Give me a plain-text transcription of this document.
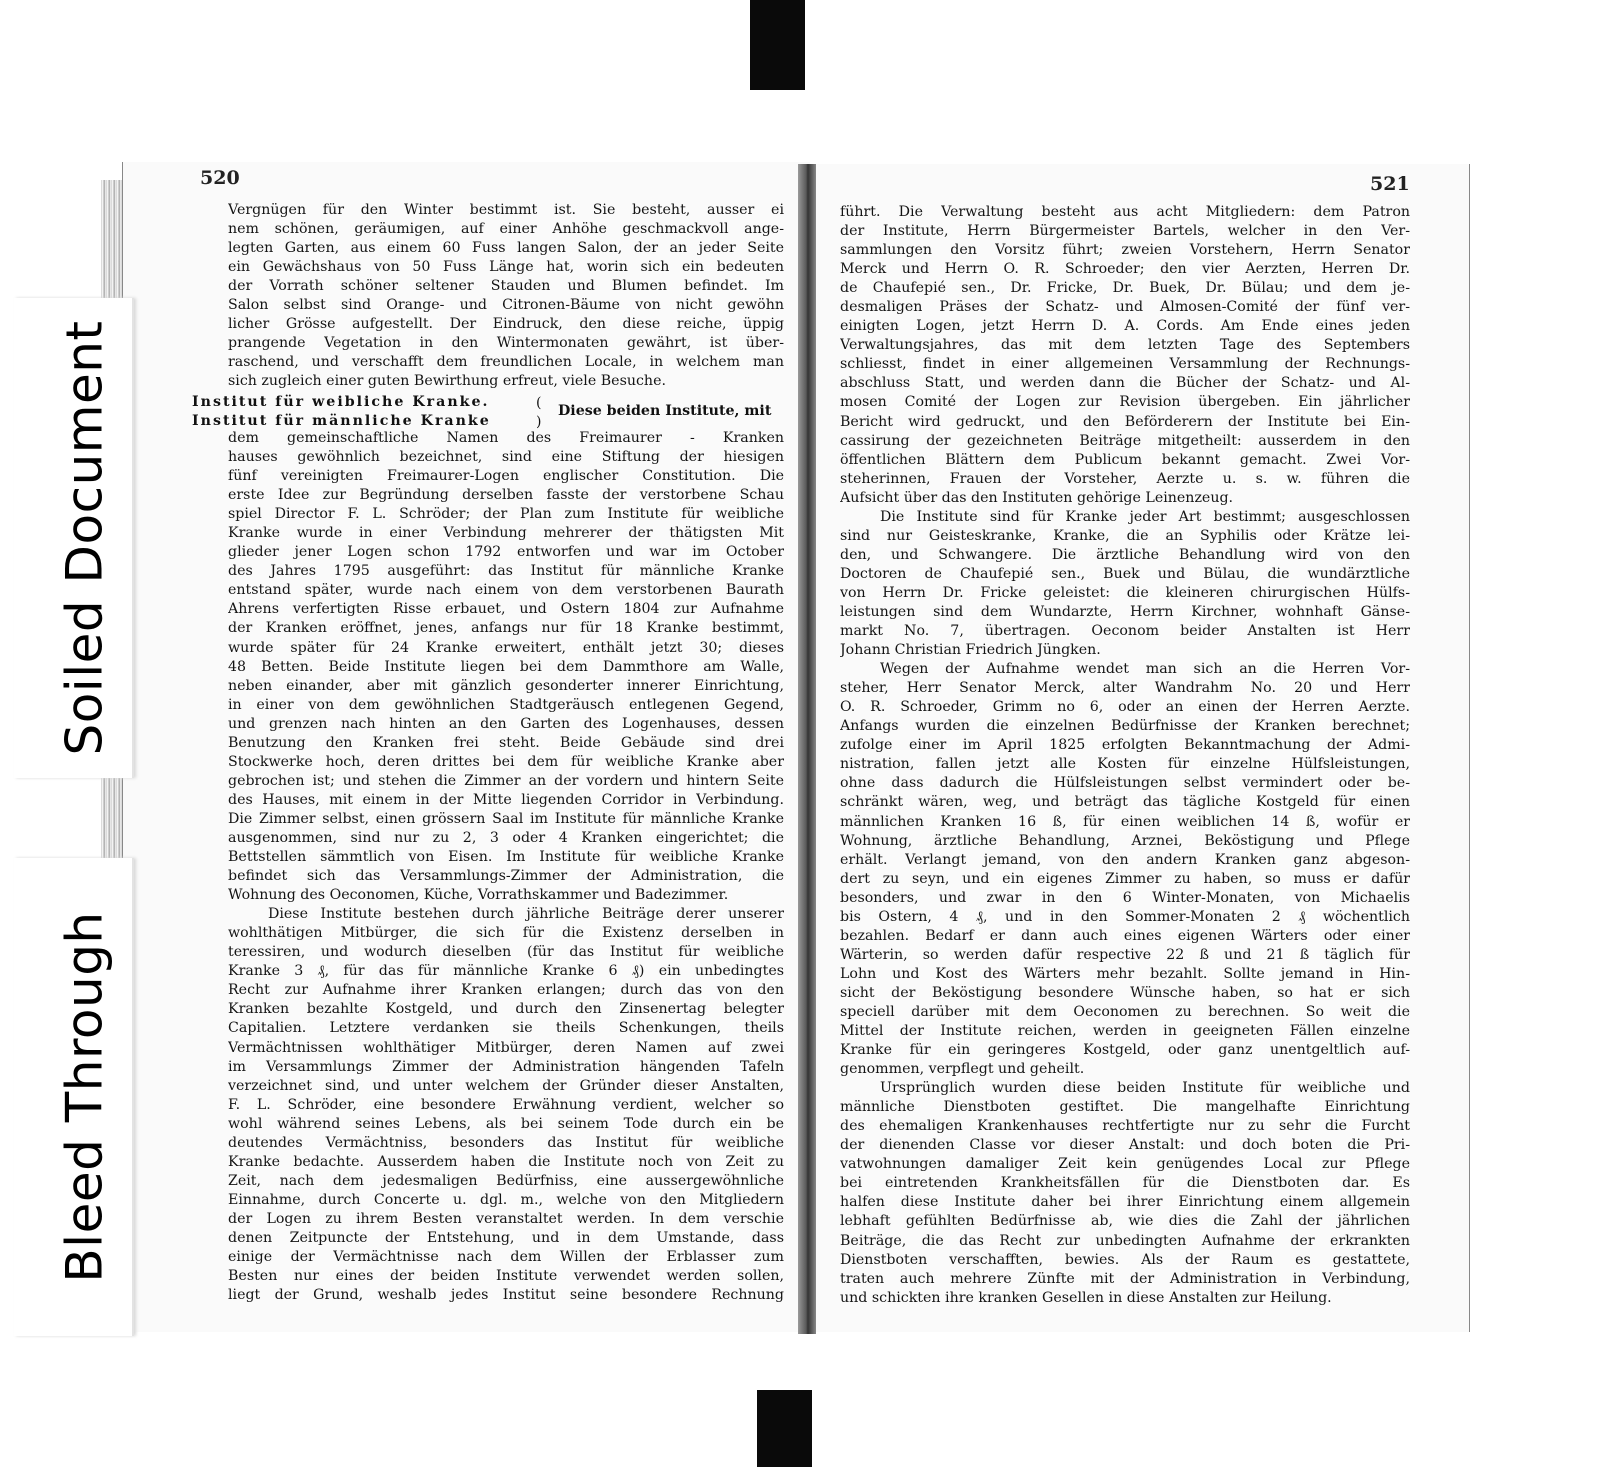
Soiled Document
Bleed Through
520	521
Vergnügen für den Winter bestimmt ist. Sie besteht, ausser ei
nem schönen, geräumigen, auf einer Anhöhe geschmackvoll ange-
legten Garten, aus einem 60 Fuss langen Salon, der an jeder Seite
ein Gewächshaus von 50 Fuss Länge hat, worin sich ein bedeuten
der Vorrath schöner seltener Stauden und Blumen befindet. Im
Salon selbst sind Orange- und Citronen-Bäume von nicht gewöhn
licher Grösse aufgestellt. Der Eindruck, den diese reiche, üppig
prangende Vegetation in den Wintermonaten gewährt, ist über-
raschend, und verschafft dem freundlichen Locale, in welchem man
sich zugleich einer guten Bewirthung erfreut, viele Besuche.
Institut für weibliche Kranke.
Institut für männliche Kranke
(
)
Diese beiden Institute, mit
dem gemeinschaftliche Namen des Freimaurer - Kranken
hauses gewöhnlich bezeichnet, sind eine Stiftung der hiesigen
fünf vereinigten Freimaurer-Logen englischer Constitution. Die
erste Idee zur Begründung derselben fasste der verstorbene Schau
spiel Director F. L. Schröder; der Plan zum Institute für weibliche
Kranke wurde in einer Verbindung mehrerer der thätigsten Mit
glieder jener Logen schon 1792 entworfen und war im October
des Jahres 1795 ausgeführt: das Institut für männliche Kranke
entstand später, wurde nach einem von dem verstorbenen Baurath
Ahrens verfertigten Risse erbauet, und Ostern 1804 zur Aufnahme
der Kranken eröffnet, jenes, anfangs nur für 18 Kranke bestimmt,
wurde später für 24 Kranke erweitert, enthält jetzt 30; dieses
48 Betten. Beide Institute liegen bei dem Dammthore am Walle,
neben einander, aber mit gänzlich gesonderter innerer Einrichtung,
in einer von dem gewöhnlichen Stadtgeräusch entlegenen Gegend,
und grenzen nach hinten an den Garten des Logenhauses, dessen
Benutzung den Kranken frei steht. Beide Gebäude sind drei
Stockwerke hoch, deren drittes bei dem für weibliche Kranke aber
gebrochen ist; und stehen die Zimmer an der vordern und hintern Seite
des Hauses, mit einem in der Mitte liegenden Corridor in Verbindung.
Die Zimmer selbst, einen grössern Saal im Institute für männliche Kranke
ausgenommen, sind nur zu 2, 3 oder 4 Kranken eingerichtet; die
Bettstellen sämmtlich von Eisen. Im Institute für weibliche Kranke
befindet sich das Versammlungs-Zimmer der Administration, die
Wohnung des Oeconomen, Küche, Vorrathskammer und Badezimmer.
Diese Institute bestehen durch jährliche Beiträge derer unserer
wohlthätigen Mitbürger, die sich für die Existenz derselben in
teressiren, und wodurch dieselben (für das Institut für weibliche
Kranke 3 ₰, für das für männliche Kranke 6 ₰) ein unbedingtes
Recht zur Aufnahme ihrer Kranken erlangen; durch das von den
Kranken bezahlte Kostgeld, und durch den Zinsenertag belegter
Capitalien. Letztere verdanken sie theils Schenkungen, theils
Vermächtnissen wohlthätiger Mitbürger, deren Namen auf zwei
im Versammlungs Zimmer der Administration hängenden Tafeln
verzeichnet sind, und unter welchem der Gründer dieser Anstalten,
F. L. Schröder, eine besondere Erwähnung verdient, welcher so
wohl während seines Lebens, als bei seinem Tode durch ein be
deutendes Vermächtniss, besonders das Institut für weibliche
Kranke bedachte. Ausserdem haben die Institute noch von Zeit zu
Zeit, nach dem jedesmaligen Bedürfniss, eine aussergewöhnliche
Einnahme, durch Concerte u. dgl. m., welche von den Mitgliedern
der Logen zu ihrem Besten veranstaltet werden. In dem verschie
denen Zeitpuncte der Entstehung, und in dem Umstande, dass
einige der Vermächtnisse nach dem Willen der Erblasser zum
Besten nur eines der beiden Institute verwendet werden sollen,
liegt der Grund, weshalb jedes Institut seine besondere Rechnung
führt. Die Verwaltung besteht aus acht Mitgliedern: dem Patron
der Institute, Herrn Bürgermeister Bartels, welcher in den Ver-
sammlungen den Vorsitz führt; zweien Vorstehern, Herrn Senator
Merck und Herrn O. R. Schroeder; den vier Aerzten, Herren Dr.
de Chaufepié sen., Dr. Fricke, Dr. Buek, Dr. Bülau; und dem je-
desmaligen Präses der Schatz- und Almosen-Comité der fünf ver-
einigten Logen, jetzt Herrn D. A. Cords. Am Ende eines jeden
Verwaltungsjahres, das mit dem letzten Tage des Septembers
schliesst, findet in einer allgemeinen Versammlung der Rechnungs-
abschluss Statt, und werden dann die Bücher der Schatz- und Al-
mosen Comité der Logen zur Revision übergeben. Ein jährlicher
Bericht wird gedruckt, und den Beförderern der Institute bei Ein-
cassirung der gezeichneten Beiträge mitgetheilt: ausserdem in den
öffentlichen Blättern dem Publicum bekannt gemacht. Zwei Vor-
steherinnen, Frauen der Vorsteher, Aerzte u. s. w. führen die
Aufsicht über das den Instituten gehörige Leinenzeug.
Die Institute sind für Kranke jeder Art bestimmt; ausgeschlossen
sind nur Geisteskranke, Kranke, die an Syphilis oder Krätze lei-
den, und Schwangere. Die ärztliche Behandlung wird von den
Doctoren de Chaufepié sen., Buek und Bülau, die wundärztliche
von Herrn Dr. Fricke geleistet: die kleineren chirurgischen Hülfs-
leistungen sind dem Wundarzte, Herrn Kirchner, wohnhaft Gänse-
markt No. 7, übertragen. Oeconom beider Anstalten ist Herr
Johann Christian Friedrich Jüngken.
Wegen der Aufnahme wendet man sich an die Herren Vor-
steher, Herr Senator Merck, alter Wandrahm No. 20 und Herr
O. R. Schroeder, Grimm no 6, oder an einen der Herren Aerzte.
Anfangs wurden die einzelnen Bedürfnisse der Kranken berechnet;
zufolge einer im April 1825 erfolgten Bekanntmachung der Admi-
nistration, fallen jetzt alle Kosten für einzelne Hülfsleistungen,
ohne dass dadurch die Hülfsleistungen selbst vermindert oder be-
schränkt wären, weg, und beträgt das tägliche Kostgeld für einen
männlichen Kranken 16 ß, für einen weiblichen 14 ß, wofür er
Wohnung, ärztliche Behandlung, Arznei, Beköstigung und Pflege
erhält. Verlangt jemand, von den andern Kranken ganz abgeson-
dert zu seyn, und ein eigenes Zimmer zu haben, so muss er dafür
besonders, und zwar in den 6 Winter-Monaten, von Michaelis
bis Ostern, 4 ₰, und in den Sommer-Monaten 2 ₰ wöchentlich
bezahlen. Bedarf er dann auch eines eigenen Wärters oder einer
Wärterin, so werden dafür respective 22 ß und 21 ß täglich für
Lohn und Kost des Wärters mehr bezahlt. Sollte jemand in Hin-
sicht der Beköstigung besondere Wünsche haben, so hat er sich
speciell darüber mit dem Oeconomen zu berechnen. So weit die
Mittel der Institute reichen, werden in geeigneten Fällen einzelne
Kranke für ein geringeres Kostgeld, oder ganz unentgeltlich auf-
genommen, verpflegt und geheilt.
Ursprünglich wurden diese beiden Institute für weibliche und
männliche Dienstboten gestiftet. Die mangelhafte Einrichtung
des ehemaligen Krankenhauses rechtfertigte nur zu sehr die Furcht
der dienenden Classe vor dieser Anstalt: und doch boten die Pri-
vatwohnungen damaliger Zeit kein genügendes Local zur Pflege
bei eintretenden Krankheitsfällen für die Dienstboten dar. Es
halfen diese Institute daher bei ihrer Einrichtung einem allgemein
lebhaft gefühlten Bedürfnisse ab, wie dies die Zahl der jährlichen
Beiträge, die das Recht zur unbedingten Aufnahme der erkrankten
Dienstboten verschafften, bewies. Als der Raum es gestattete,
traten auch mehrere Zünfte mit der Administration in Verbindung,
und schickten ihre kranken Gesellen in diese Anstalten zur Heilung.
